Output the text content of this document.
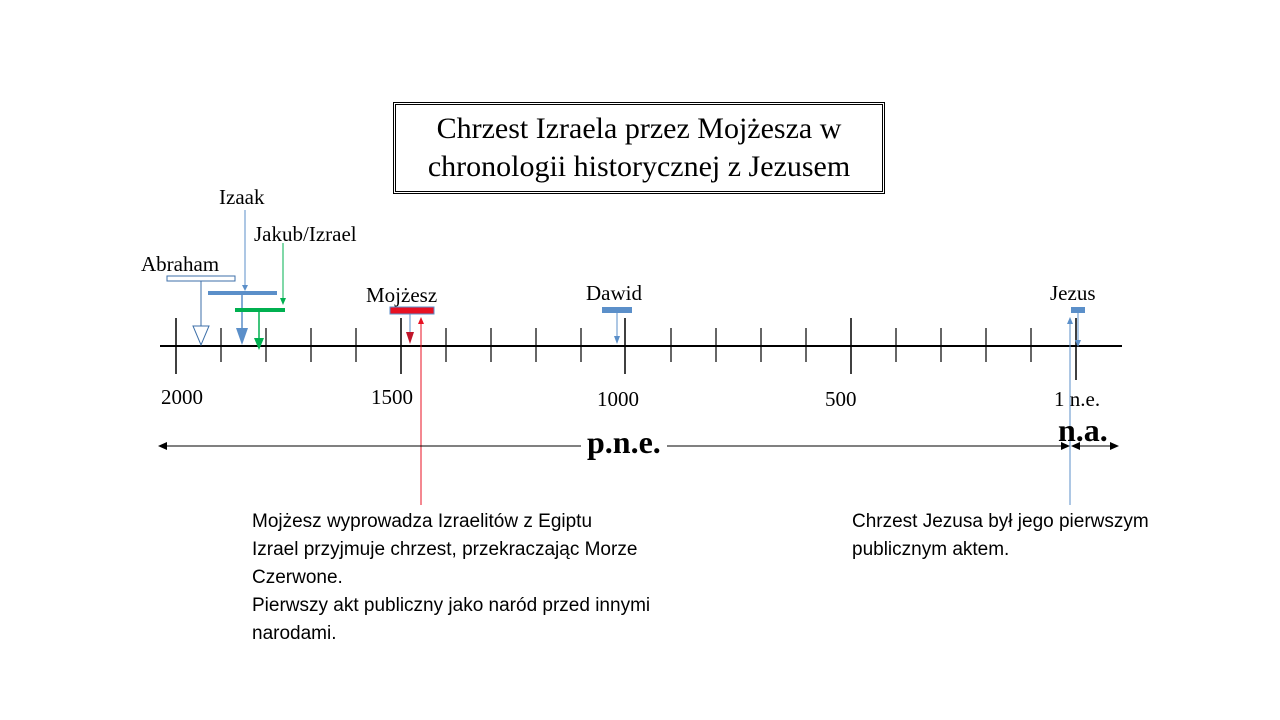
Chrzest Izraela przez Mojżesza w
chronologii historycznej z Jezusem
Izaak
Jakub/Izrael
Abraham
Mojżesz	Dawid	Jezus
2000	1500	1000	500	1 n.e.
p.n.e.	n.a.
Mojżesz wyprowadza Izraelitów z Egiptu
Izrael przyjmuje chrzest, przekraczając Morze
Czerwone.
Pierwszy akt publiczny jako naród przed innymi
narodami.
Chrzest Jezusa był jego pierwszym
publicznym aktem.
